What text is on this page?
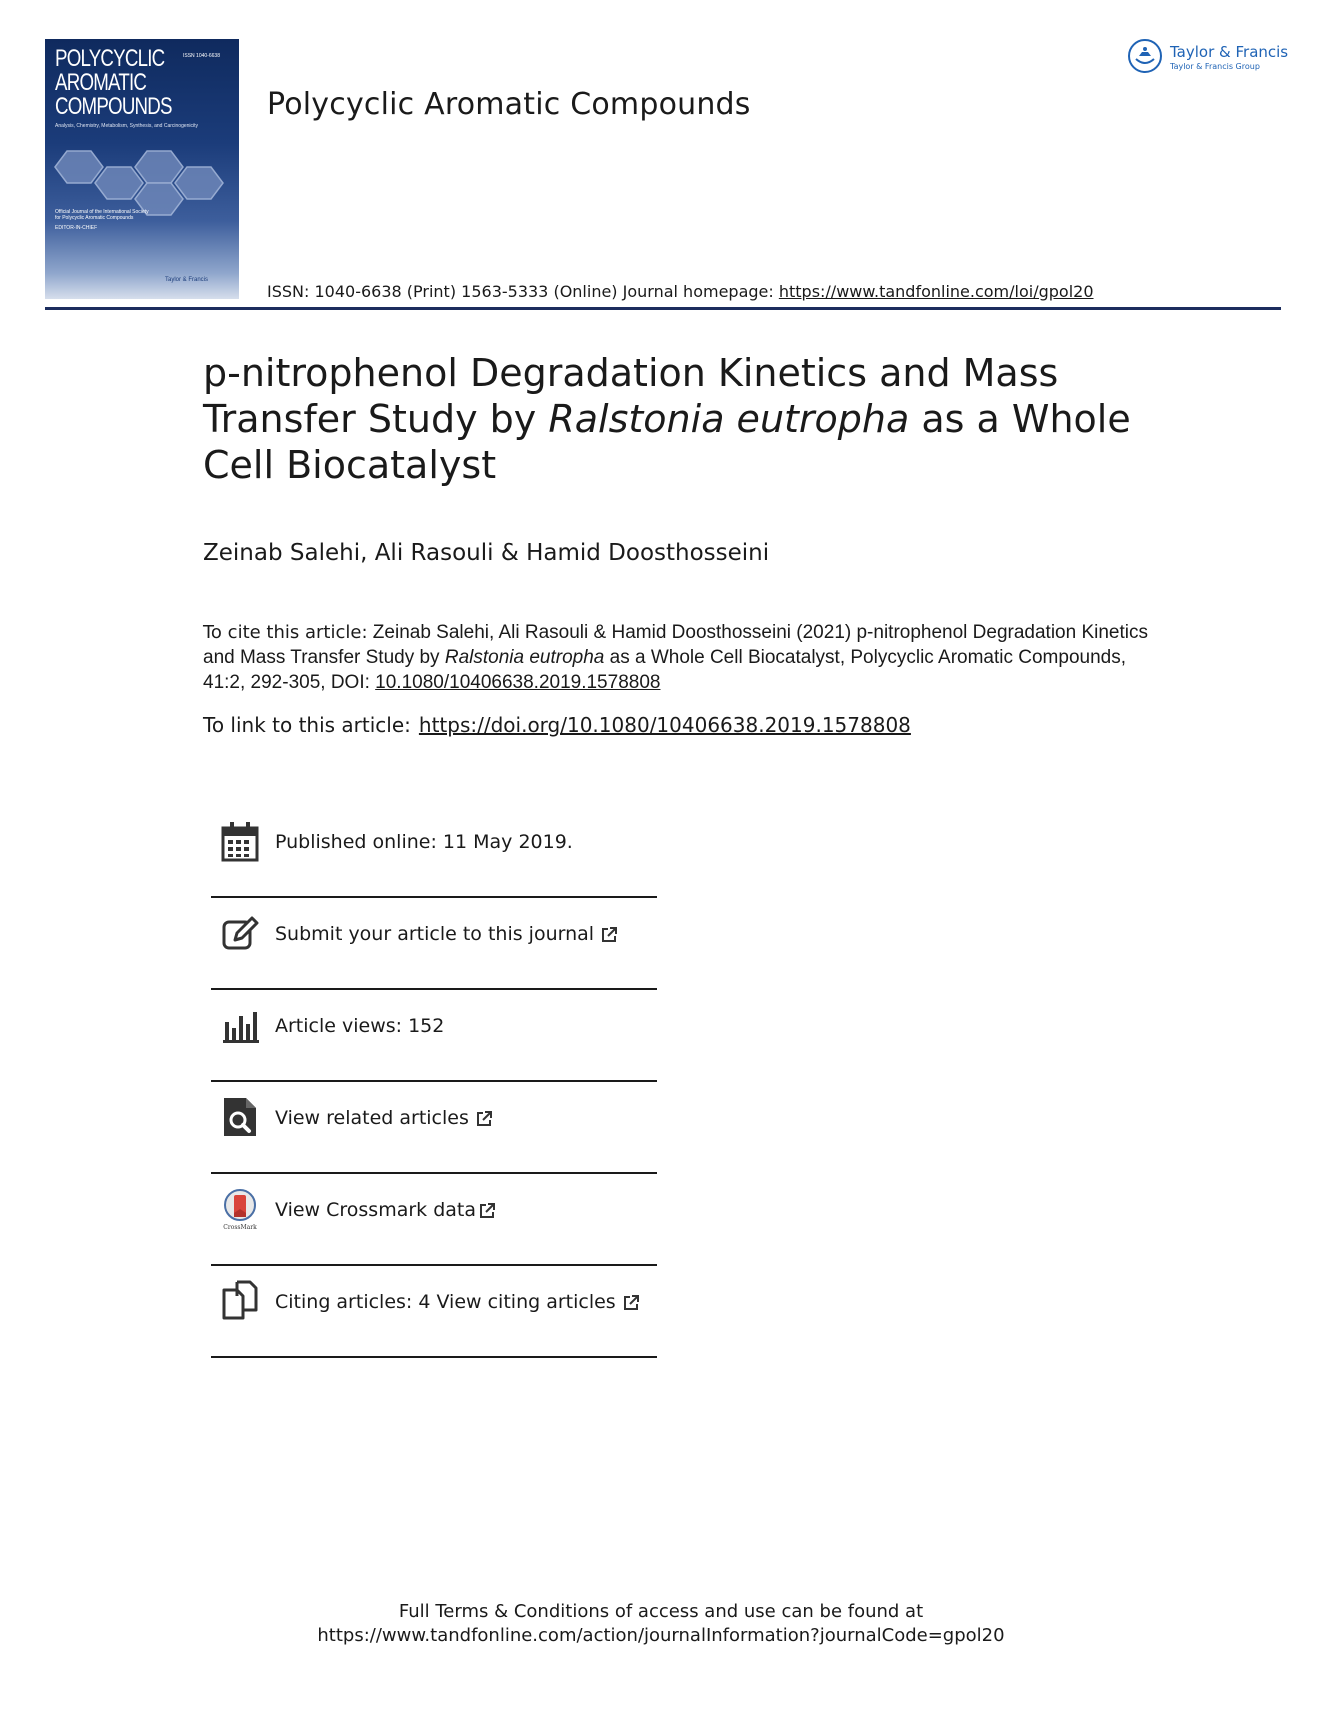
POLYCYCLIC
AROMATIC
COMPOUNDS
ISSN 1040-6638
Analysis, Chemistry, Metabolism, Synthesis, and Carcinogenicity
Official Journal of the International Society for Polycyclic Aromatic Compounds
EDITOR-IN-CHIEF
Taylor & Francis
Polycyclic Aromatic Compounds
Taylor & Francis
Taylor & Francis Group
ISSN: 1040-6638 (Print) 1563-5333 (Online) Journal homepage: https://www.tandfonline.com/loi/gpol20
p-nitrophenol Degradation Kinetics and Mass Transfer Study by Ralstonia eutropha as a Whole Cell Biocatalyst
Zeinab Salehi, Ali Rasouli & Hamid Doosthosseini
To cite this article: Zeinab Salehi, Ali Rasouli & Hamid Doosthosseini (2021) p-nitrophenol Degradation Kinetics and Mass Transfer Study by Ralstonia eutropha as a Whole Cell Biocatalyst, Polycyclic Aromatic Compounds, 41:2, 292-305, DOI: 10.1080/10406638.2019.1578808
To link to this article: https://doi.org/10.1080/10406638.2019.1578808
Published online: 11 May 2019.
Submit your article to this journal
Article views: 152
View related articles
CrossMark
View Crossmark data
Citing articles: 4 View citing articles
Full Terms & Conditions of access and use can be found at
https://www.tandfonline.com/action/journalInformation?journalCode=gpol20
